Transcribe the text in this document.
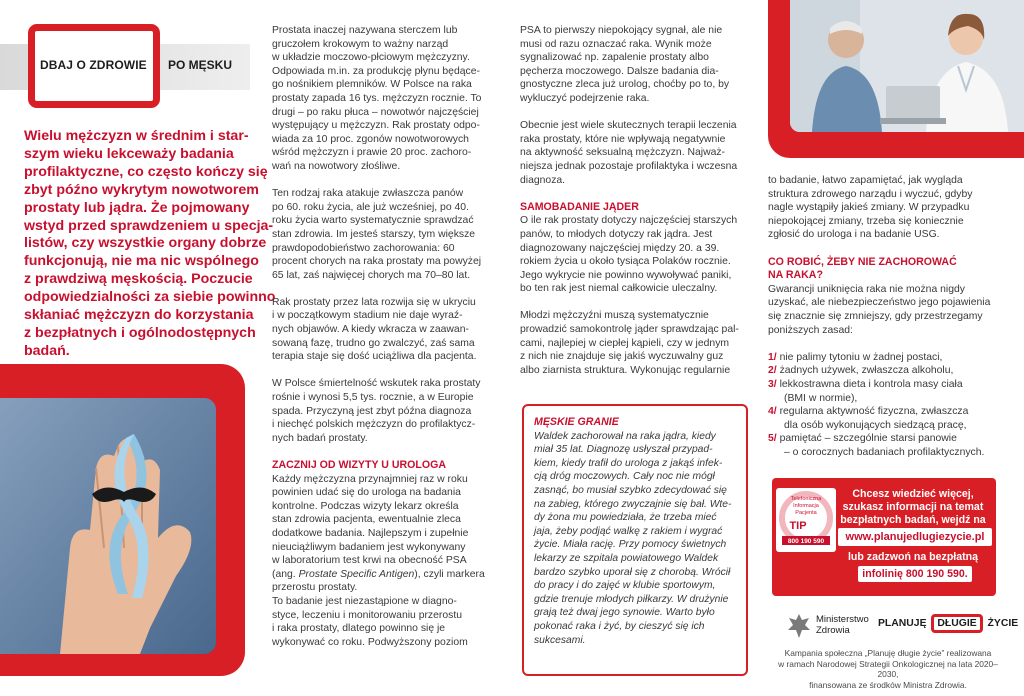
DBAJ O ZDROWIE PO MĘSKU
Wielu mężczyzn w średnim i star-
szym wieku lekceważy badania
profilaktyczne, co często kończy się
zbyt późno wykrytym nowotworem
prostaty lub jądra. Że pojmowany
wstyd przed sprawdzeniem u specja-
listów, czy wszystkie organy dobrze
funkcjonują, nie ma nic wspólnego
z prawdziwą męskością. Poczucie
odpowiedzialności za siebie powinno
skłaniać mężczyzn do korzystania
z bezpłatnych i ogólnodostępnych
badań.

Prostata inaczej nazywana sterczem lub
gruczołem krokowym to ważny narząd
w układzie moczowo-płciowym mężczyzny.
Odpowiada m.in. za produkcję płynu będące-
go nośnikiem plemników. W Polsce na raka
prostaty zapada 16 tys. mężczyzn rocznie. To
drugi – po raku płuca – nowotwór najczęściej
występujący u mężczyzn. Rak prostaty odpo-
wiada za 10 proc. zgonów nowotworowych
wśród mężczyzn i prawie 20 proc. zachoro-
wań na nowotwory złośliwe.

Ten rodzaj raka atakuje zwłaszcza panów
po 60. roku życia, ale już wcześniej, po 40.
roku życia warto systematycznie sprawdzać
stan zdrowia. Im jesteś starszy, tym większe
prawdopodobieństwo zachorowania: 60
procent chorych na raka prostaty ma powyżej
65 lat, zaś najwięcej chorych ma 70–80 lat.

Rak prostaty przez lata rozwija się w ukryciu
i w początkowym stadium nie daje wyraź-
nych objawów. A kiedy wkracza w zaawan-
sowaną fazę, trudno go zwalczyć, zaś sama
terapia staje się dość uciążliwa dla pacjenta.

W Polsce śmiertelność wskutek raka prostaty
rośnie i wynosi 5,5 tys. rocznie, a w Europie
spada. Przyczyną jest zbyt późna diagnoza
i niechęć polskich mężczyzn do profilaktycz-
nych badań prostaty.

ZACZNIJ OD WIZYTY U UROLOGA
Każdy mężczyzna przynajmniej raz w roku
powinien udać się do urologa na badania
kontrolne. Podczas wizyty lekarz określa
stan zdrowia pacjenta, ewentualnie zleca
dodatkowe badania. Najlepszym i zupełnie
nieuciążliwym badaniem jest wykonywany
w laboratorium test krwi na obecność PSA
(ang. Prostate Specific Antigen), czyli markera
przerostu prostaty.
To badanie jest niezastąpione w diagno-
styce, leczeniu i monitorowaniu przerostu
i raka prostaty, dlatego powinno się je
wykonywać co roku. Podwyższony poziom

PSA to pierwszy niepokojący sygnał, ale nie
musi od razu oznaczać raka. Wynik może
sygnalizować np. zapalenie prostaty albo
pęcherza moczowego. Dalsze badania dia-
gnostyczne zleca już urolog, choćby po to, by
wykluczyć podejrzenie raka.

Obecnie jest wiele skutecznych terapii leczenia
raka prostaty, które nie wpływają negatywnie
na aktywność seksualną mężczyzn. Najważ-
niejsza jednak pozostaje profilaktyka i wczesna
diagnoza.

SAMOBADANIE JĄDER

O ile rak prostaty dotyczy najczęściej starszych
panów, to młodych dotyczy rak jądra. Jest
diagnozowany najczęściej między 20. a 39.
rokiem życia u około tysiąca Polaków rocznie.
Jego wykrycie nie powinno wywoływać paniki,
bo ten rak jest niemal całkowicie uleczalny.

Młodzi mężczyźni muszą systematycznie
prowadzić samokontrolę jąder sprawdzając pal-
cami, najlepiej w ciepłej kąpieli, czy w jednym
z nich nie znajduje się jakiś wyczuwalny guz
albo ziarnista struktura. Wykonując regularnie

MĘSKIE GRANIE
Waldek zachorował na raka jądra, kiedy
miał 35 lat. Diagnozę usłyszał przypad-
kiem, kiedy trafił do urologa z jakąś infek-
cją dróg moczowych. Cały noc nie mógł
zasnąć, bo musiał szybko zdecydować się
na zabieg, którego zwyczajnie się bał. Wte-
dy żona mu powiedziała, że trzeba mieć
jaja, żeby podjąć walkę z rakiem i wygrać
życie. Miała rację. Przy pomocy świetnych
lekarzy ze szpitala powiatowego Waldek
bardzo szybko uporał się z chorobą. Wrócił
do pracy i do zajęć w klubie sportowym,
gdzie trenuje młodych piłkarzy. W drużynie
grają też dwaj jego synowie. Warto było
pokonać raka i żyć, by cieszyć się ich
sukcesami.

to badanie, łatwo zapamiętać, jak wygląda
struktura zdrowego narządu i wyczuć, gdyby
nagle wystąpiły jakieś zmiany. W przypadku
niepokojącej zmiany, trzeba się koniecznie
zgłosić do urologa i na badanie USG.

CO ROBIĆ, ŻEBY NIE ZACHOROWAĆ
NA RAKA?

Gwarancji uniknięcia raka nie można nigdy
uzyskać, ale niebezpieczeństwo jego pojawienia
się znacznie się zmniejszy, gdy przestrzegamy
poniższych zasad:

1/ nie palimy tytoniu w żadnej postaci,
2/ żadnych używek, zwłaszcza alkoholu,
3/ lekkostrawna dieta i kontrola masy ciała
(BMI w normie),
4/ regularna aktywność fizyczna, zwłaszcza
dla osób wykonujących siedzącą pracę,
5/ pamiętać – szczególnie starsi panowie
– o corocznych badaniach profilaktycznych.
Telefoniczna
Informacja
Pacjenta
TIP
800 190 590
Chcesz wiedzieć więcej,
szukasz informacji na temat
bezpłatnych badań, wejdź na
www.planujedlugiezycie.pl
lub zadzwoń na bezpłatną
infolinię 800 190 590.
Infolinia jest czynna 24 godziny na dobę, 7 dni w tygodniu.
Ministerstwo
Zdrowia
PLANUJĘ DŁUGIE ŻYCIE
Kampania społeczna „Planuję długie życie” realizowana
w ramach Narodowej Strategii Onkologicznej na lata 2020–2030,
finansowana ze środków Ministra Zdrowia.
